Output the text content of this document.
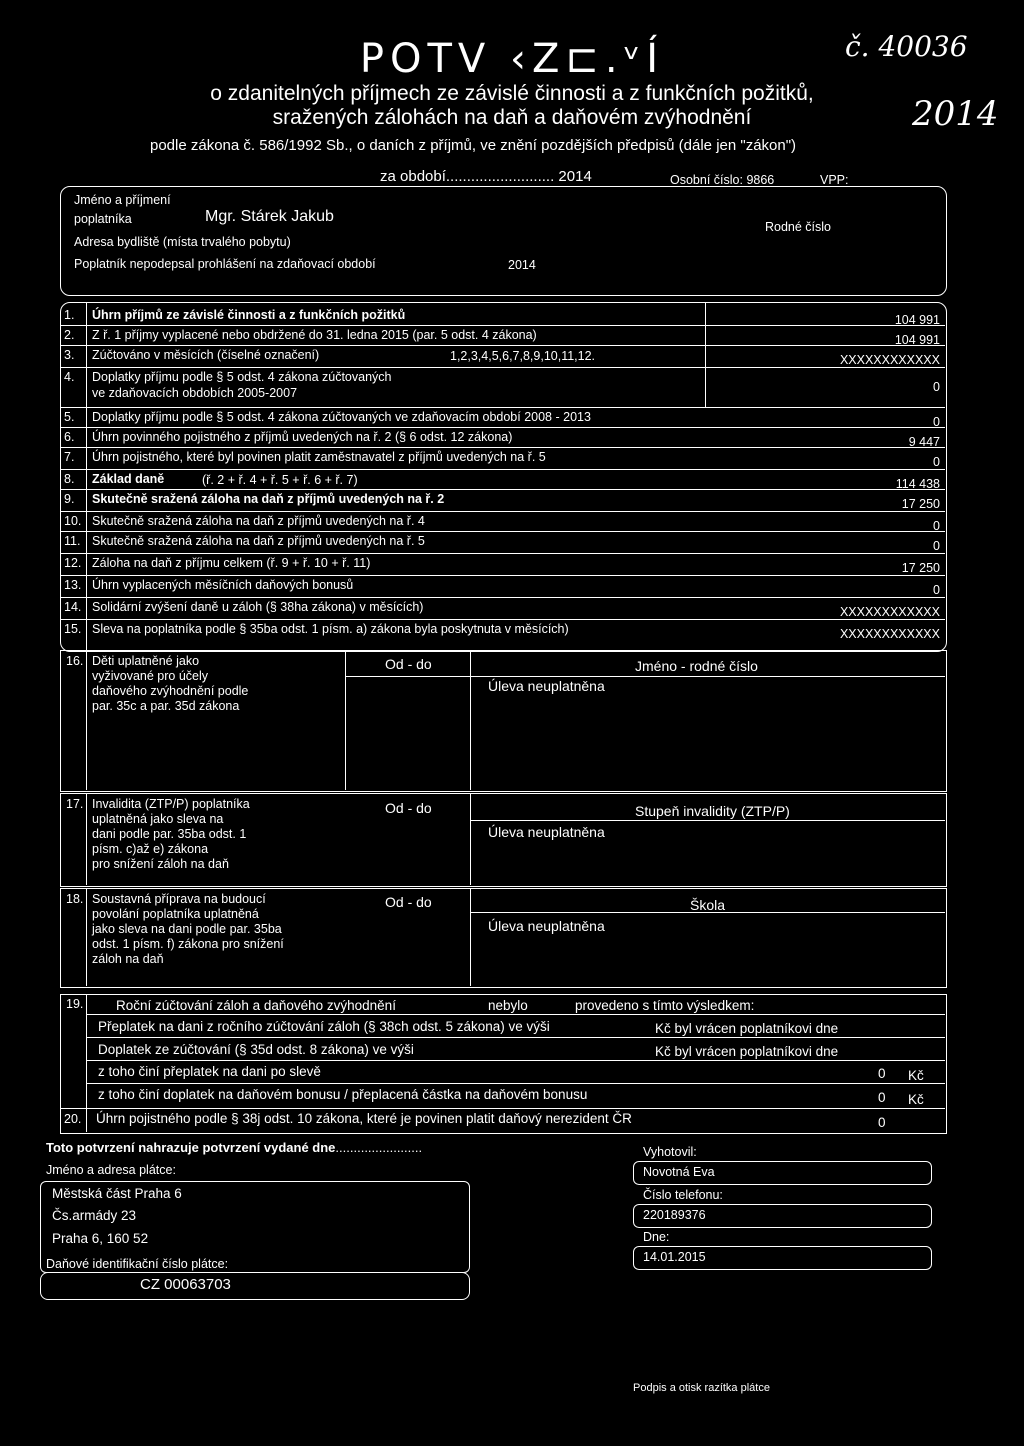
POTV ‹Z⊏.ᵛÍ
o zdanitelných příjmech ze závislé činnosti a z funkčních požitků,
sražených zálohách na daň a daňovém zvýhodnění
podle zákona č. 586/1992 Sb., o daních z příjmů, ve znění pozdějších předpisů (dále jen "zákon")
č. 40036
2014
za období.......................... 2014	Osobní číslo: 9866	VPP:
Jméno a příjmení
poplatníka	Mgr. Stárek Jakub
Adresa bydliště (místa trvalého pobytu)
Poplatník nepodepsal prohlášení na zdaňovací období	2014
Rodné číslo
1. Úhrn příjmů ze závislé činnosti a z funkčních požitků	104 991
2. Z ř. 1 příjmy vyplacené nebo obdržené do 31. ledna 2015 (par. 5 odst. 4 zákona)	104 991
3. Zúčtováno v měsících (číselné označení)	1,2,3,4,5,6,7,8,9,10,11,12.	XXXXXXXXXXXX
4. Doplatky příjmu podle § 5 odst. 4 zákona zúčtovaných
ve zdaňovacích obdobích 2005-2007	0
5. Doplatky příjmu podle § 5 odst. 4 zákona zúčtovaných ve zdaňovacím období 2008 - 2013	0
6. Úhrn povinného pojistného z příjmů uvedených na ř. 2 (§ 6 odst. 12 zákona)	9 447
7. Úhrn pojistného, které byl povinen platit zaměstnavatel z příjmů uvedených na ř. 5	0
8. Základ daně	(ř. 2 + ř. 4 + ř. 5 + ř. 6 + ř. 7)	114 438
9. Skutečně sražená záloha na daň z příjmů uvedených na ř. 2	17 250
10. Skutečně sražená záloha na daň z příjmů uvedených na ř. 4	0
11. Skutečně sražená záloha na daň z příjmů uvedených na ř. 5	0
12. Záloha na daň z příjmu celkem (ř. 9 + ř. 10 + ř. 11)	17 250
13. Úhrn vyplacených měsíčních daňových bonusů	0
14. Solidární zvýšení daně u záloh (§ 38ha zákona) v měsících)	XXXXXXXXXXXX
15. Sleva na poplatníka podle § 35ba odst. 1 písm. a) zákona byla poskytnuta v měsících)	XXXXXXXXXXXX
16. Děti uplatněné jako
vyživované pro účely
daňového zvýhodnění podle
par. 35c a par. 35d zákona
Od - do	Jméno - rodné číslo
Úleva neuplatněna
17. Invalidita (ZTP/P) poplatníka
uplatněná jako sleva na
dani podle par. 35ba odst. 1
písm. c)až e) zákona
pro snížení záloh na daň
Od - do	Stupeň invalidity (ZTP/P)
Úleva neuplatněna
18. Soustavná příprava na budoucí
povolání poplatníka uplatněná
jako sleva na dani podle par. 35ba
odst. 1 písm. f) zákona pro snížení
záloh na daň
Od - do	Škola
Úleva neuplatněna
19. Roční zúčtování záloh a daňového zvýhodnění	nebylo	provedeno s tímto výsledkem:
Přeplatek na dani z ročního zúčtování záloh (§ 38ch odst. 5 zákona) ve výši	Kč byl vrácen poplatníkovi dne
Doplatek ze zúčtování (§ 35d odst. 8 zákona) ve výši	Kč byl vrácen poplatníkovi dne
z toho činí přeplatek na dani po slevě	0 Kč
z toho činí doplatek na daňovém bonusu / přeplacená částka na daňovém bonusu	0 Kč
20. Úhrn pojistného podle § 38j odst. 10 zákona, které je povinen platit daňový nerezident ČR	0
Toto potvrzení nahrazuje potvrzení vydané dne........................
Jméno a adresa plátce:
Městská část Praha 6
Čs.armády 23
Praha 6, 160 52
Daňové identifikační číslo plátce:
CZ 00063703
Vyhotovil:
Novotná Eva
Číslo telefonu:
220189376
Dne:
14.01.2015
Podpis a otisk razítka plátce
